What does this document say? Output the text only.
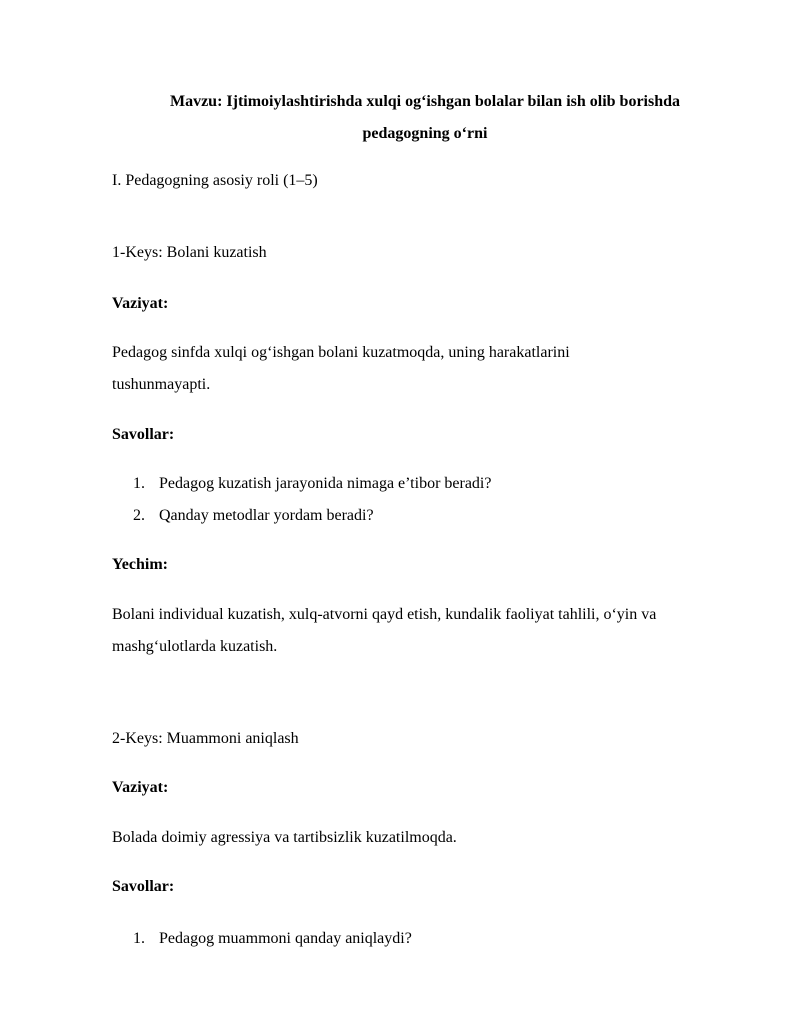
Mavzu: Ijtimoiylashtirishda xulqi og‘ishgan bolalar bilan ish olib borishda
pedagogning o‘rni
I. Pedagogning asosiy roli (1–5)
1-Keys: Bolani kuzatish
Vaziyat:
Pedagog sinfda xulqi og‘ishgan bolani kuzatmoqda, uning harakatlarini
tushunmayapti.
Savollar:
1. Pedagog kuzatish jarayonida nimaga e’tibor beradi?
2. Qanday metodlar yordam beradi?
Yechim:
Bolani individual kuzatish, xulq-atvorni qayd etish, kundalik faoliyat tahlili, o‘yin va
mashg‘ulotlarda kuzatish.
2-Keys: Muammoni aniqlash
Vaziyat:
Bolada doimiy agressiya va tartibsizlik kuzatilmoqda.
Savollar:
1. Pedagog muammoni qanday aniqlaydi?
